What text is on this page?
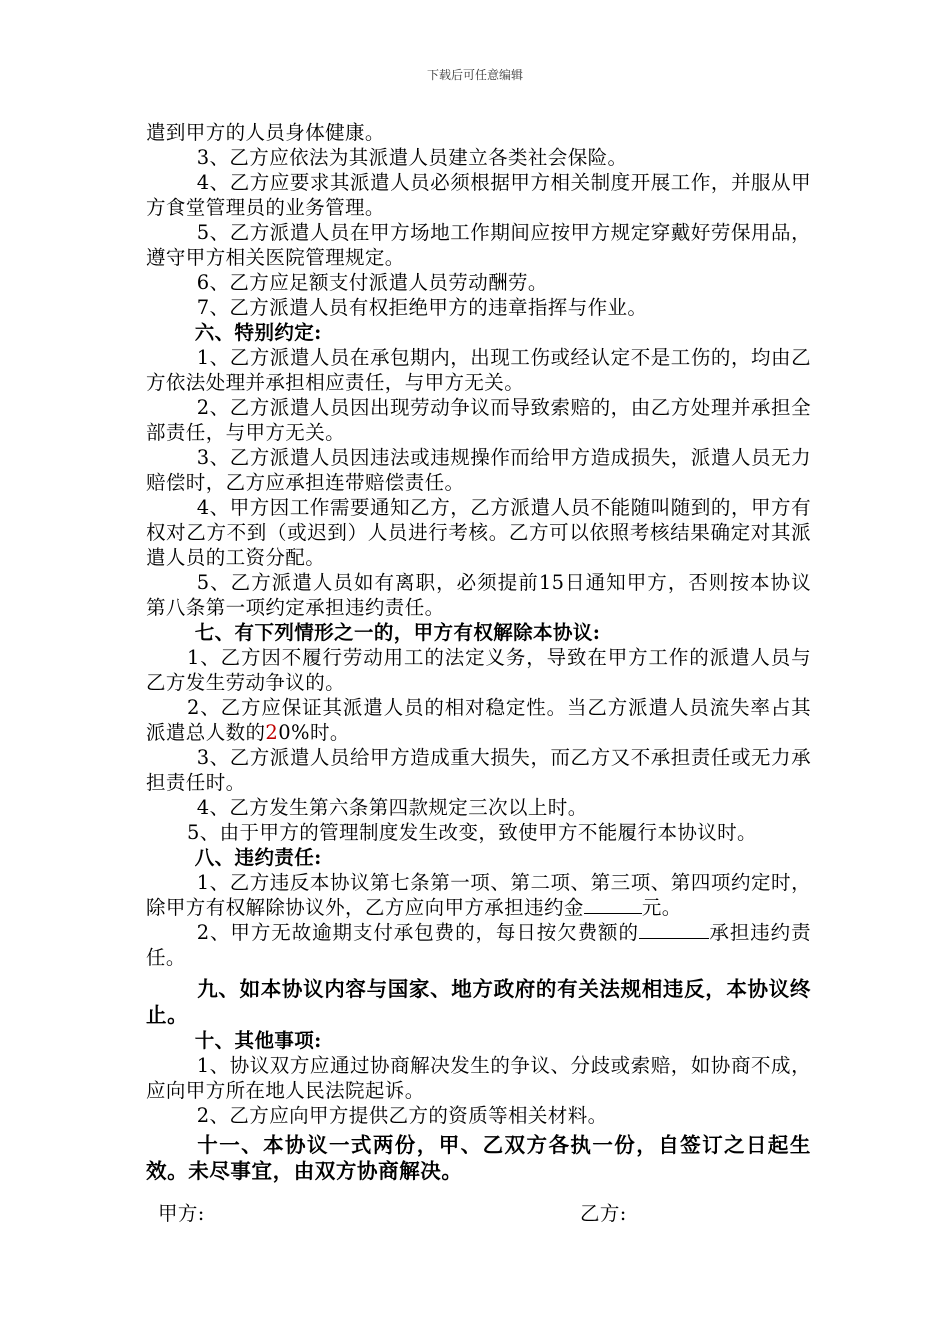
下载后可任意编辑

遣到甲方的人员身体健康。

3、乙方应依法为其派遣人员建立各类社会保险。

4、乙方应要求其派遣人员必须根据甲方相关制度开展工作，并服从甲方食堂管理员的业务管理。

5、乙方派遣人员在甲方场地工作期间应按甲方规定穿戴好劳保用品，遵守甲方相关医院管理规定。

6、乙方应足额支付派遣人员劳动酬劳。

7、乙方派遣人员有权拒绝甲方的违章指挥与作业。

六、特别约定:

1、乙方派遣人员在承包期内，出现工伤或经认定不是工伤的，均由乙方依法处理并承担相应责任，与甲方无关。

2、乙方派遣人员因出现劳动争议而导致索赔的，由乙方处理并承担全部责任，与甲方无关。

3、乙方派遣人员因违法或违规操作而给甲方造成损失，派遣人员无力赔偿时，乙方应承担连带赔偿责任。

4、甲方因工作需要通知乙方，乙方派遣人员不能随叫随到的，甲方有权对乙方不到（或迟到）人员进行考核。乙方可以依照考核结果确定对其派遣人员的工资分配。

5、乙方派遣人员如有离职，必须提前15日通知甲方，否则按本协议第八条第一项约定承担违约责任。

七、有下列情形之一的，甲方有权解除本协议:

1、乙方因不履行劳动用工的法定义务，导致在甲方工作的派遣人员与乙方发生劳动争议的。

2、乙方应保证其派遣人员的相对稳定性。当乙方派遣人员流失率占其派遣总人数的20%时。

3、乙方派遣人员给甲方造成重大损失，而乙方又不承担责任或无力承担责任时。

4、乙方发生第六条第四款规定三次以上时。

5、由于甲方的管理制度发生改变，致使甲方不能履行本协议时。

八、违约责任:

1、乙方违反本协议第七条第一项、第二项、第三项、第四项约定时，除甲方有权解除协议外，乙方应向甲方承担违约金	元。

2、甲方无故逾期支付承包费的，每日按欠费额的	承担违约责任。

九、如本协议内容与国家、地方政府的有关法规相违反，本协议终止。

十、其他事项:

1、协议双方应通过协商解决发生的争议、分歧或索赔，如协商不成，应向甲方所在地人民法院起诉。

2、乙方应向甲方提供乙方的资质等相关材料。

十一、本协议一式两份，甲、乙双方各执一份，自签订之日起生效。未尽事宜，由双方协商解决。

甲方:	乙方:
